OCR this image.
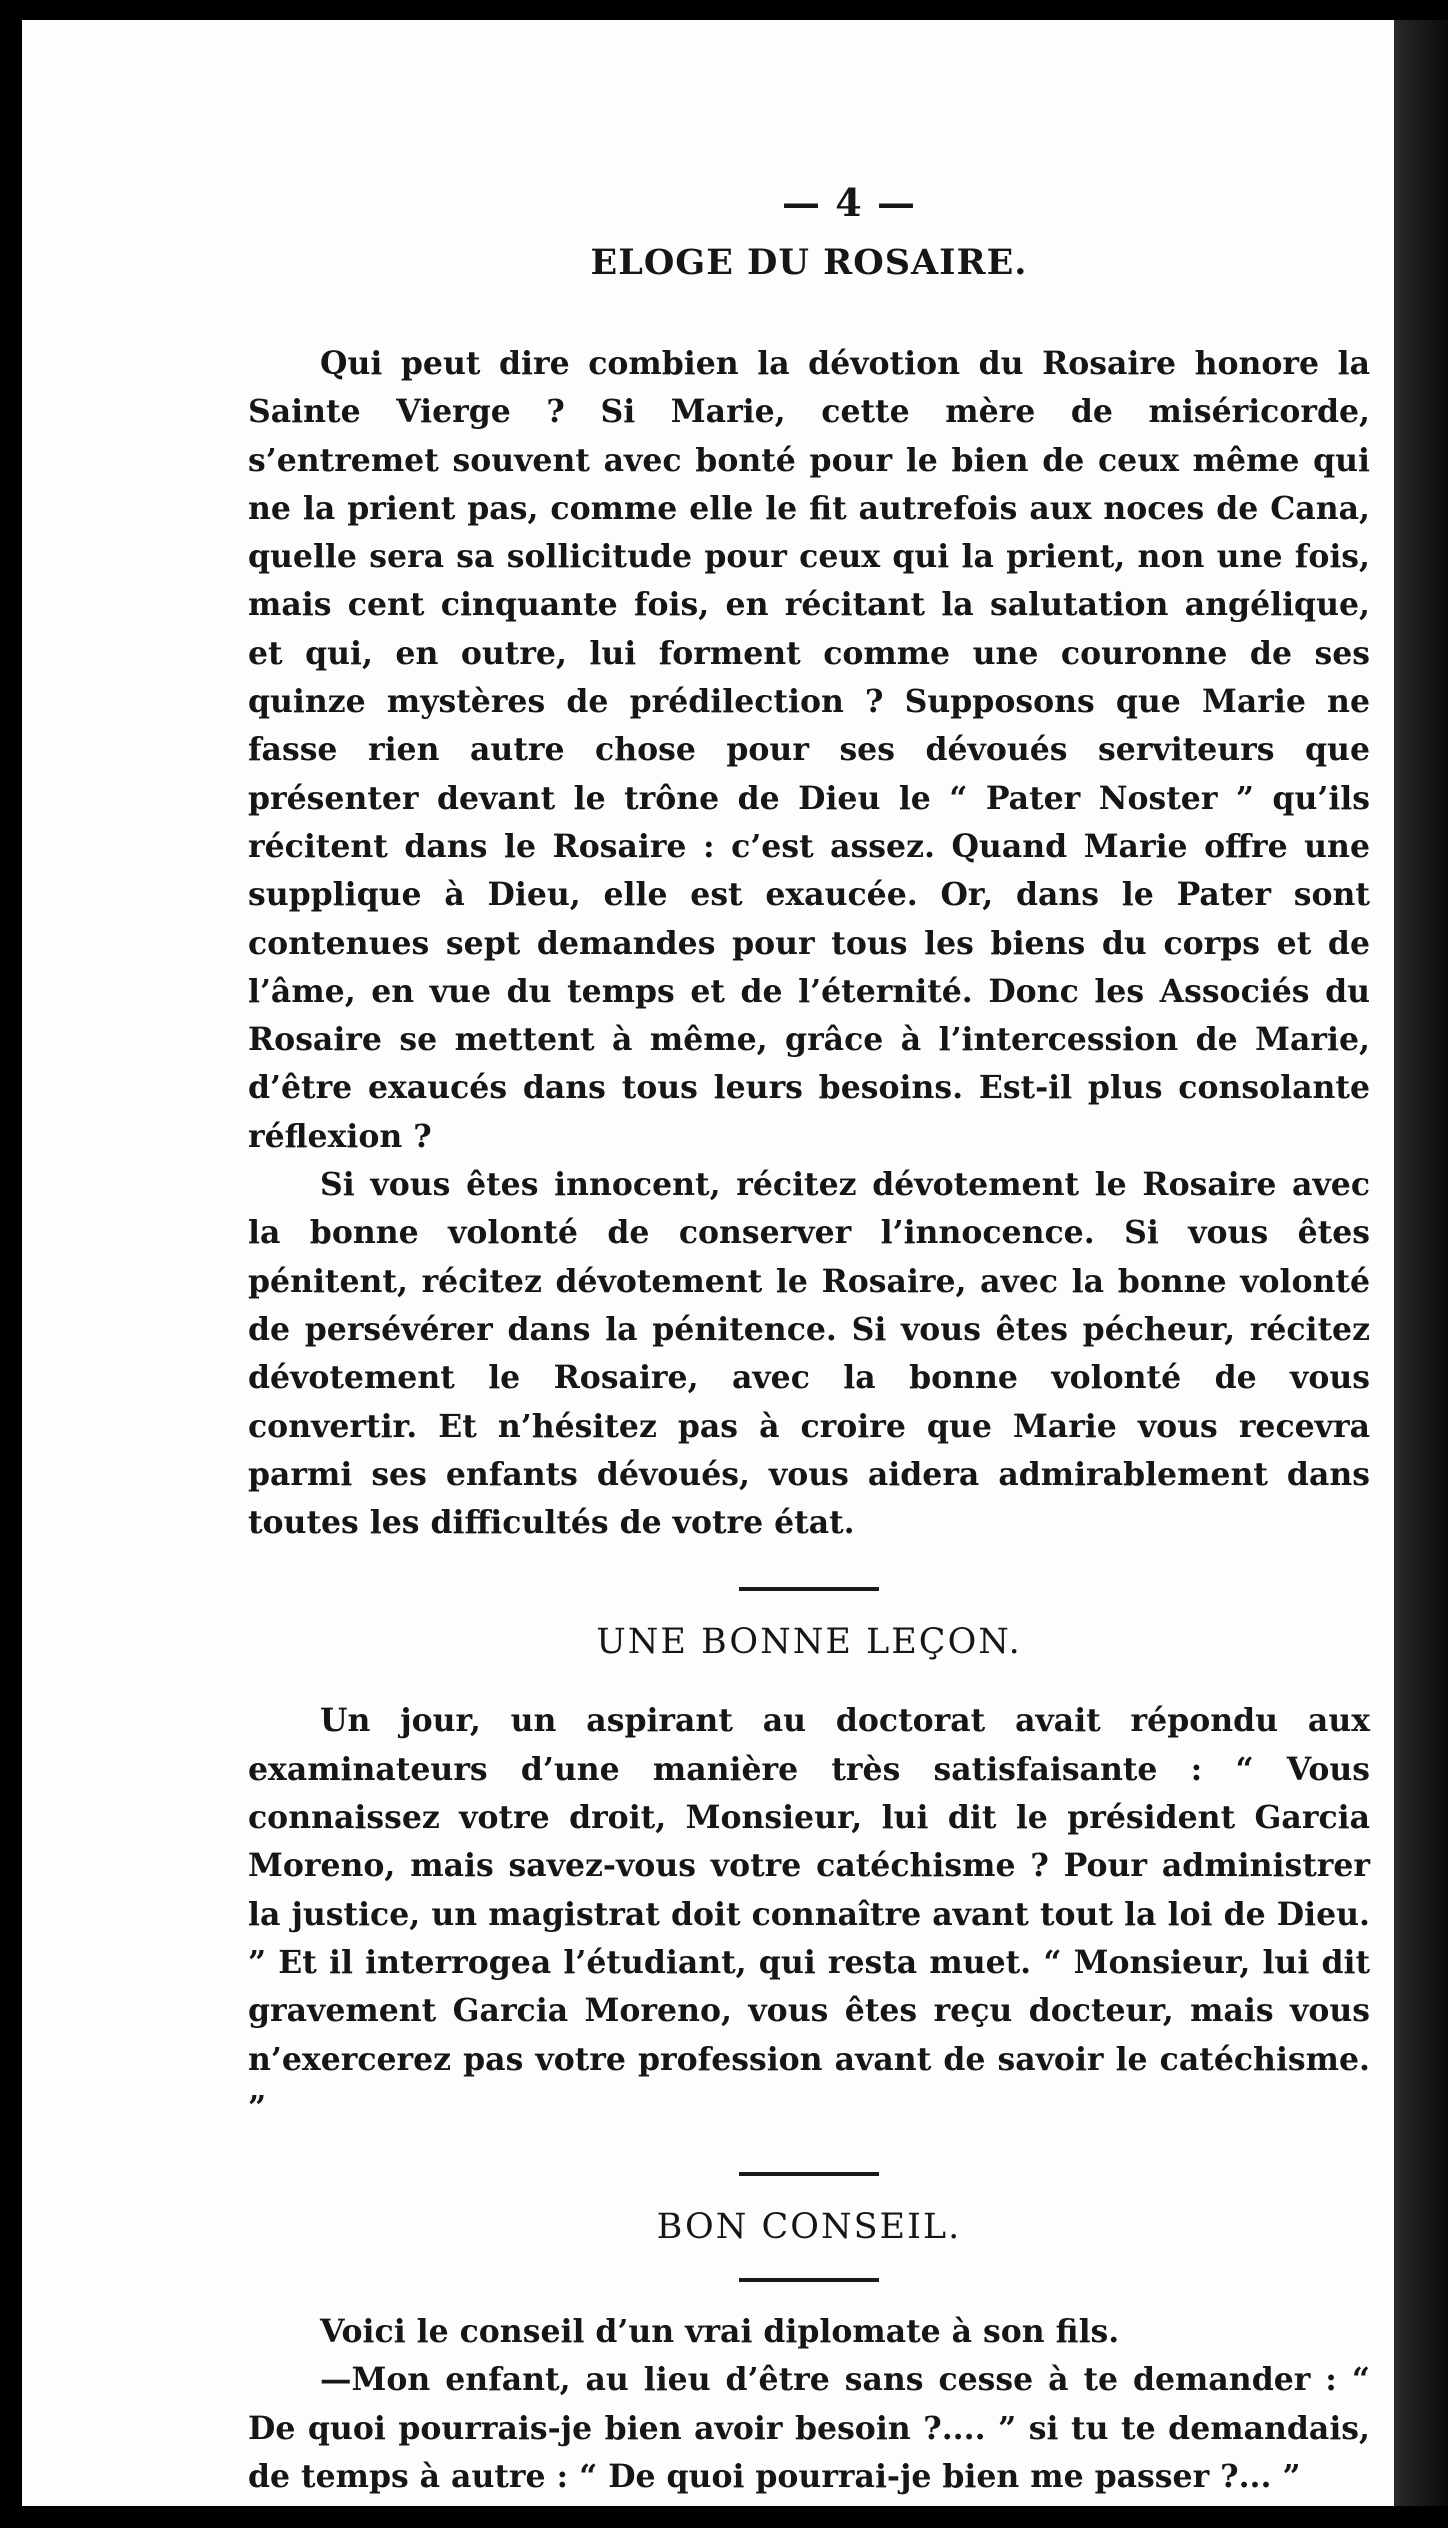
— 4 —
ELOGE DU ROSAIRE.

Qui peut dire combien la dévotion du Rosaire honore la Sainte Vierge ? Si Marie, cette mère de miséricorde, s’entremet souvent avec bonté pour le bien de ceux même qui ne la prient pas, comme elle le fit autrefois aux noces de Cana, quelle sera sa sollicitude pour ceux qui la prient, non une fois, mais cent cinquante fois, en récitant la salutation angélique, et qui, en outre, lui forment comme une couronne de ses quinze mystères de prédilection ? Supposons que Marie ne fasse rien autre chose pour ses dévoués serviteurs que présenter devant le trône de Dieu le “ Pater Noster ” qu’ils récitent dans le Rosaire : c’est assez. Quand Marie offre une supplique à Dieu, elle est exaucée. Or, dans le Pater sont contenues sept demandes pour tous les biens du corps et de l’âme, en vue du temps et de l’éternité. Donc les Associés du Rosaire se mettent à même, grâce à l’intercession de Marie, d’être exaucés dans tous leurs besoins. Est-il plus consolante réflexion ?

Si vous êtes innocent, récitez dévotement le Rosaire avec la bonne volonté de conserver l’innocence. Si vous êtes pénitent, récitez dévotement le Rosaire, avec la bonne volonté de persévérer dans la pénitence. Si vous êtes pécheur, récitez dévotement le Rosaire, avec la bonne volonté de vous convertir. Et n’hésitez pas à croire que Marie vous recevra parmi ses enfants dévoués, vous aidera admirablement dans toutes les difficultés de votre état.

UNE BONNE LEÇON.

Un jour, un aspirant au doctorat avait répondu aux examinateurs d’une manière très satisfaisante : “ Vous connaissez votre droit, Monsieur, lui dit le président Garcia Moreno, mais savez-vous votre catéchisme ? Pour administrer la justice, un magistrat doit connaître avant tout la loi de Dieu. ” Et il interrogea l’étudiant, qui resta muet. “ Monsieur, lui dit gravement Garcia Moreno, vous êtes reçu docteur, mais vous n’exercerez pas votre profession avant de savoir le catéchisme. ”

BON CONSEIL.

Voici le conseil d’un vrai diplomate à son fils.

—Mon enfant, au lieu d’être sans cesse à te demander : “ De quoi pourrais-je bien avoir besoin ?.... ” si tu te demandais, de temps à autre : “ De quoi pourrai-je bien me passer ?... ”
